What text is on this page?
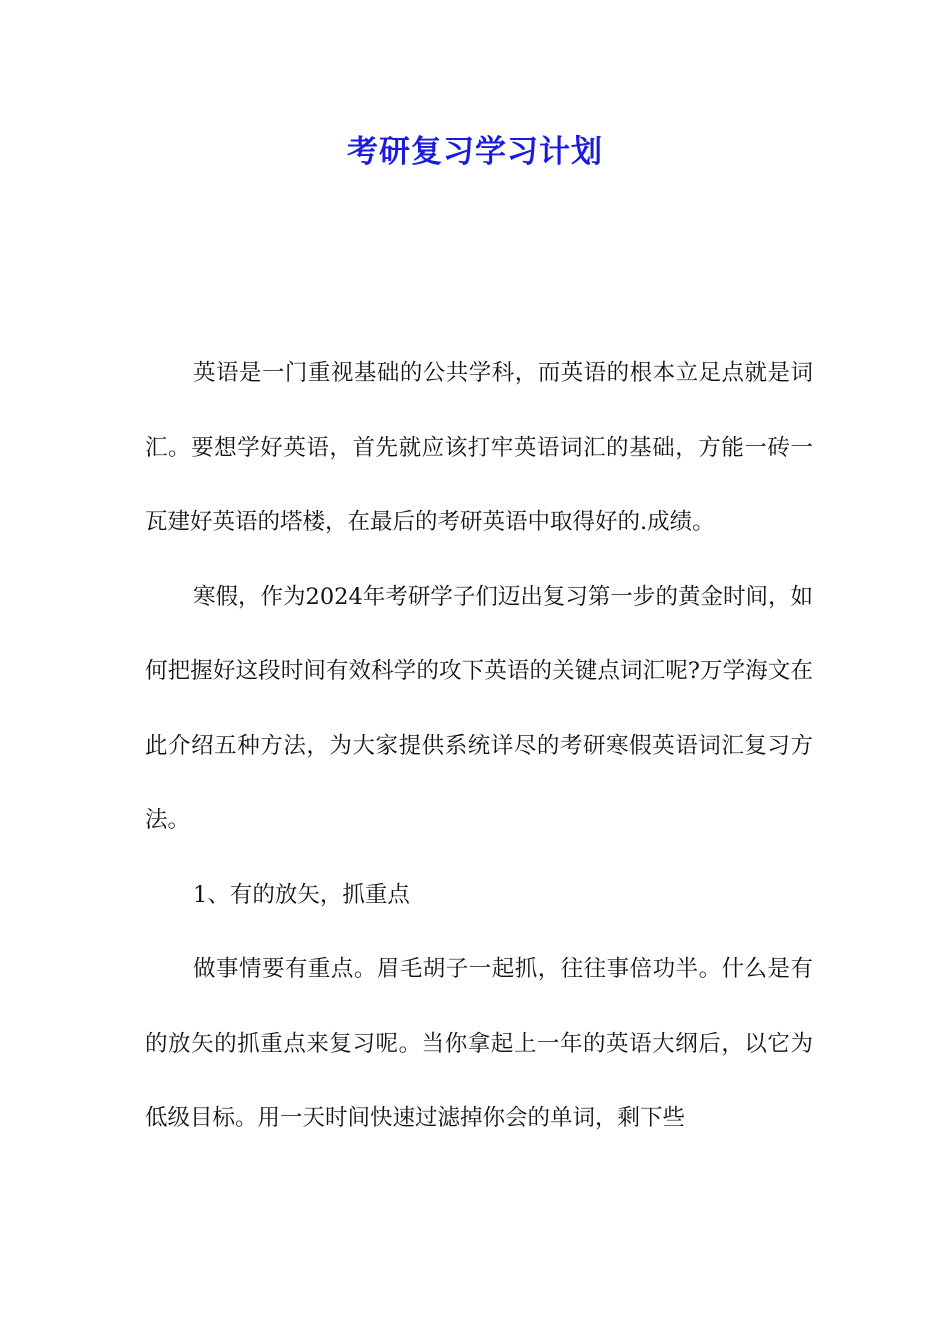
考研复习学习计划

英语是一门重视基础的公共学科，而英语的根本立足点就是词汇。要想学好英语，首先就应该打牢英语词汇的基础，方能一砖一瓦建好英语的塔楼，在最后的考研英语中取得好的.成绩。

寒假，作为2024年考研学子们迈出复习第一步的黄金时间，如何把握好这段时间有效科学的攻下英语的关键点词汇呢?万学海文在此介绍五种方法，为大家提供系统详尽的考研寒假英语词汇复习方法。

1、有的放矢，抓重点

做事情要有重点。眉毛胡子一起抓，往往事倍功半。什么是有的放矢的抓重点来复习呢。当你拿起上一年的英语大纲后，以它为低级目标。用一天时间快速过滤掉你会的单词，剩下些
